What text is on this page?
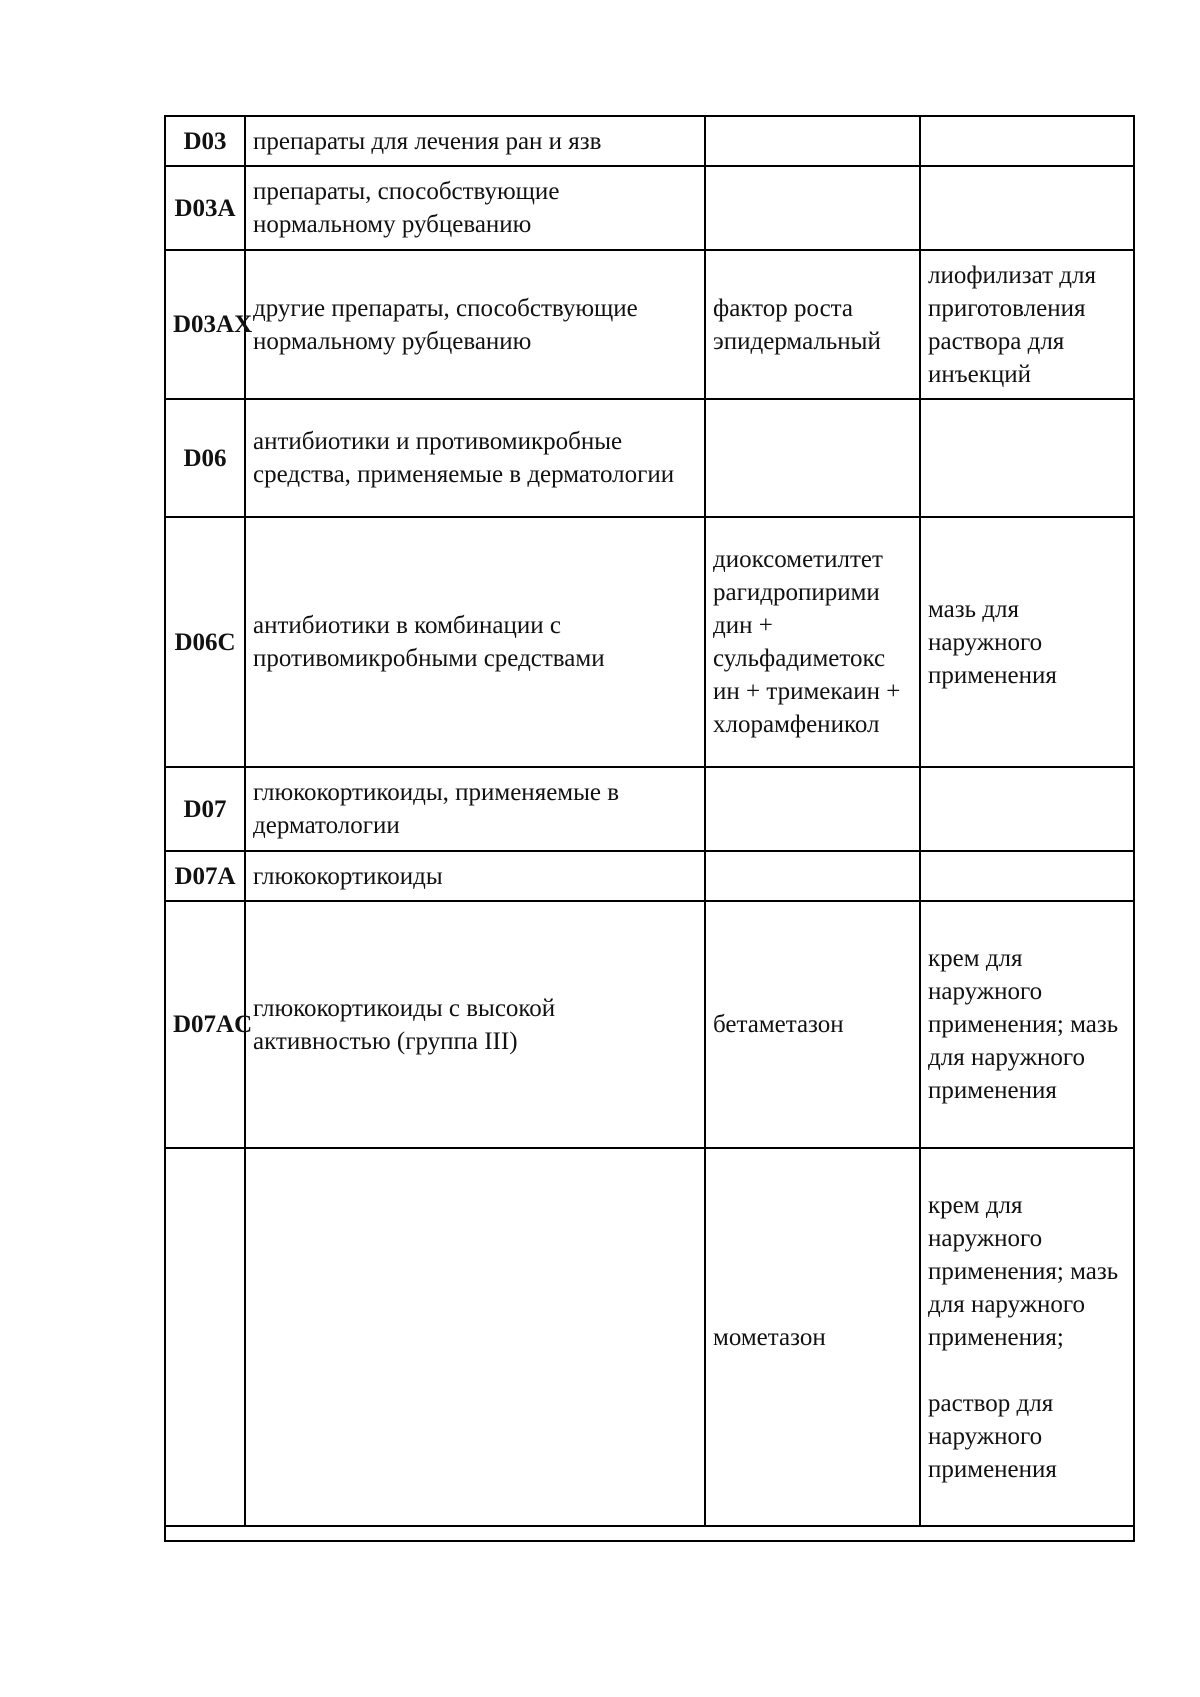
D03	препараты для лечения ран и язв		
D03A	препараты, способствующие нормальному рубцеванию		
D03AX	другие препараты, способствующие нормальному рубцеванию	фактор роста эпидермальный	лиофилизат для приготовления раствора для инъекций
D06	антибиотики и противомикробные средства, применяемые в дерматологии		
D06C	антибиотики в комбинации с противомикробными средствами	диоксометилтет рагидропирими дин + сульфадиметокс ин + тримекаин + хлорамфеникол	мазь для наружного применения
D07	глюкокортикоиды, применяемые в дерматологии		
D07A	глюкокортикоиды		
D07AC	глюкокортикоиды с высокой активностью (группа III)	бетаметазон	крем для наружного применения; мазь для наружного применения
		мометазон	крем для наружного применения; мазь для наружного применения;

раствор для наружного применения
